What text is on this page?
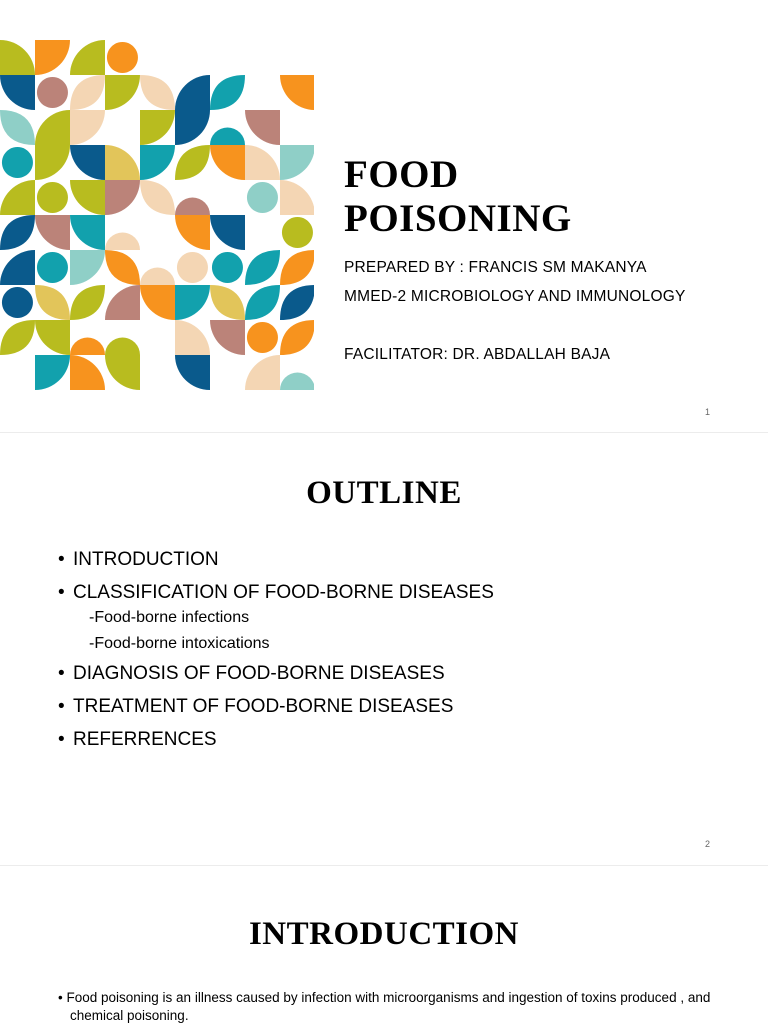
FOOD
POISONING
PREPARED BY : FRANCIS SM MAKANYA
MMED-2 MICROBIOLOGY AND IMMUNOLOGY
FACILITATOR: DR. ABDALLAH BAJA
1
OUTLINE
• INTRODUCTION
• CLASSIFICATION OF FOOD-BORNE DISEASES
-Food-borne infections
-Food-borne intoxications
• DIAGNOSIS OF FOOD-BORNE DISEASES
• TREATMENT OF FOOD-BORNE DISEASES
• REFERRENCES
2
INTRODUCTION
• Food poisoning is an illness caused by infection with microorganisms and ingestion of toxins produced , and chemical poisoning.
